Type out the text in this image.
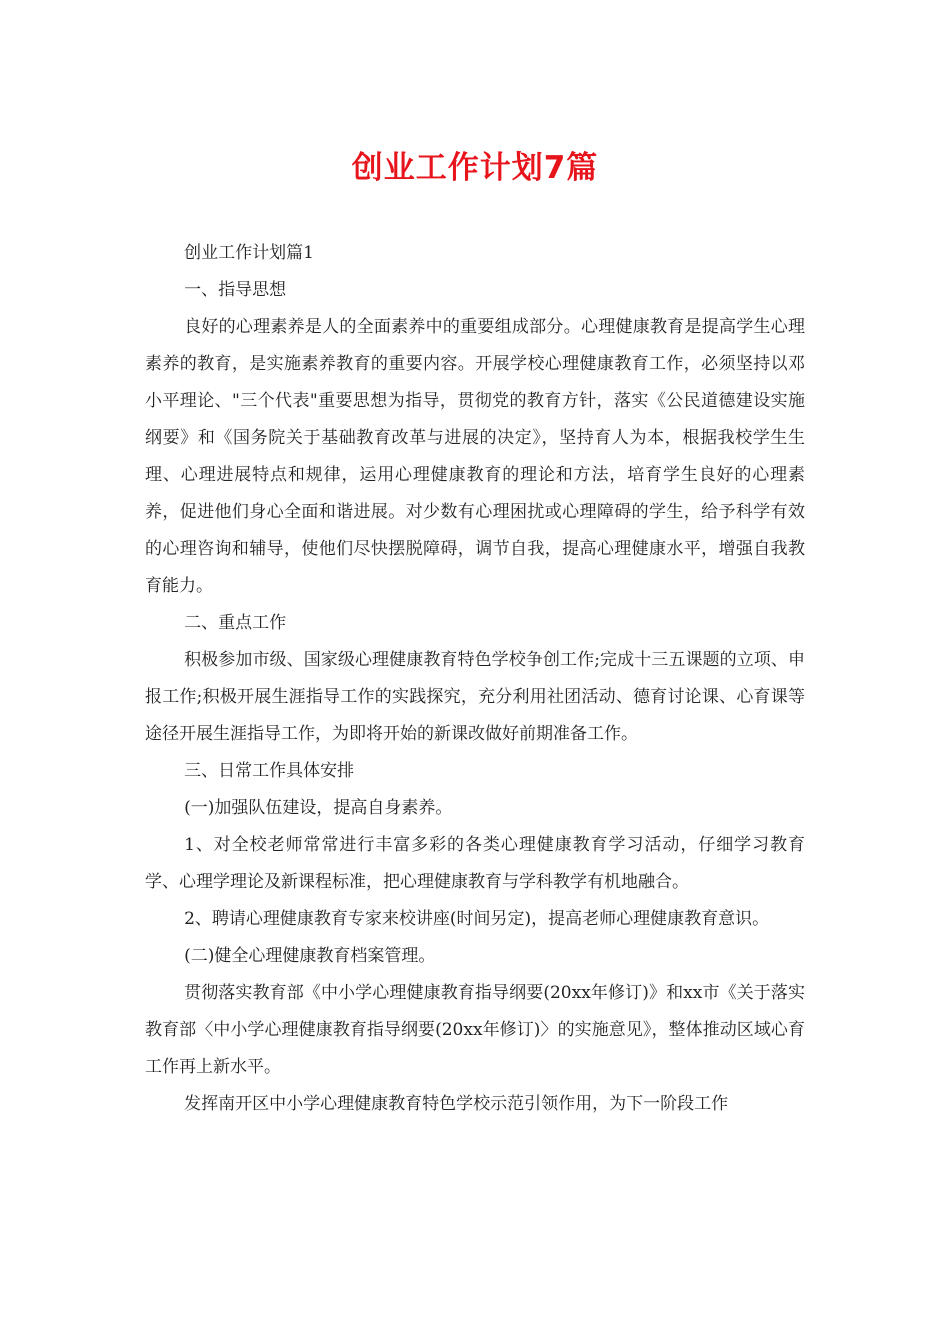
创业工作计划7篇

创业工作计划篇1

一、指导思想

良好的心理素养是人的全面素养中的重要组成部分。心理健康教育是提高学生心理素养的教育，是实施素养教育的重要内容。开展学校心理健康教育工作，必须坚持以邓小平理论、"三个代表"重要思想为指导，贯彻党的教育方针，落实《公民道德建设实施纲要》和《国务院关于基础教育改革与进展的决定》，坚持育人为本，根据我校学生生理、心理进展特点和规律，运用心理健康教育的理论和方法，培育学生良好的心理素养，促进他们身心全面和谐进展。对少数有心理困扰或心理障碍的学生，给予科学有效的心理咨询和辅导，使他们尽快摆脱障碍，调节自我，提高心理健康水平，增强自我教育能力。

二、重点工作

积极参加市级、国家级心理健康教育特色学校争创工作;完成十三五课题的立项、申报工作;积极开展生涯指导工作的实践探究，充分利用社团活动、德育讨论课、心育课等途径开展生涯指导工作，为即将开始的新课改做好前期准备工作。

三、日常工作具体安排

(一)加强队伍建设，提高自身素养。

1、对全校老师常常进行丰富多彩的各类心理健康教育学习活动，仔细学习教育学、心理学理论及新课程标准，把心理健康教育与学科教学有机地融合。

2、聘请心理健康教育专家来校讲座(时间另定)，提高老师心理健康教育意识。

(二)健全心理健康教育档案管理。

贯彻落实教育部《中小学心理健康教育指导纲要(20xx年修订)》和xx市《关于落实教育部〈中小学心理健康教育指导纲要(20xx年修订)〉的实施意见》，整体推动区域心育工作再上新水平。

发挥南开区中小学心理健康教育特色学校示范引领作用，为下一阶段工作
